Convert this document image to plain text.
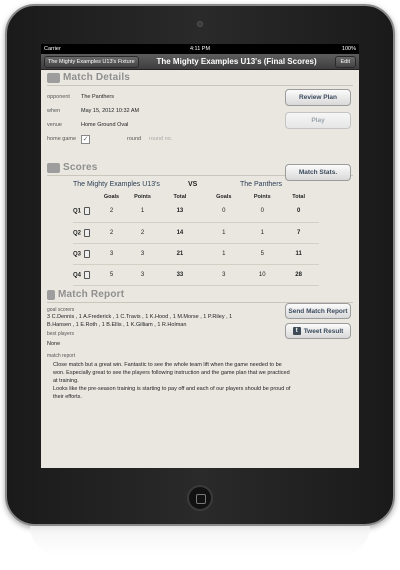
Carrier	4:11 PM	100%
The Mighty Examples U13's Fixture	The Mighty Examples U13's (Final Scores)	Edit
Match Details
opponent	The Panthers
when	May 15, 2012 10:32 AM
venue	Home Ground Oval
home game ✓	round	round no.
Review Plan
Play
Scores	Match Stats.
The Mighty Examples U13's	VS	The Panthers
	Goals	Points	Total	Goals	Points	Total
Q1	2	1	13	0	0	0
Q2	2	2	14	1	1	7
Q3	3	3	21	1	5	11
Q4	5	3	33	3	10	28
Match Report
goal scorers
3 C.Dennis , 1 A.Frederick , 1 C.Travis , 1 K.Hood , 1 M.Morse , 1 P.Riley , 1
B.Hansen , 1 E.Roth , 1 B.Ellis , 1 K.Gilliam , 1 R.Holman
best players
None
match report
Close match but a great win. Fantastic to see the whole team lift when the game needed to be
won. Especially great to see the players following instruction and the game plan that we practiced
at training.
Looks like the pre-season training is starting to pay off and each of our players should be proud of
their efforts.
Send Match Report
t Tweet Result
